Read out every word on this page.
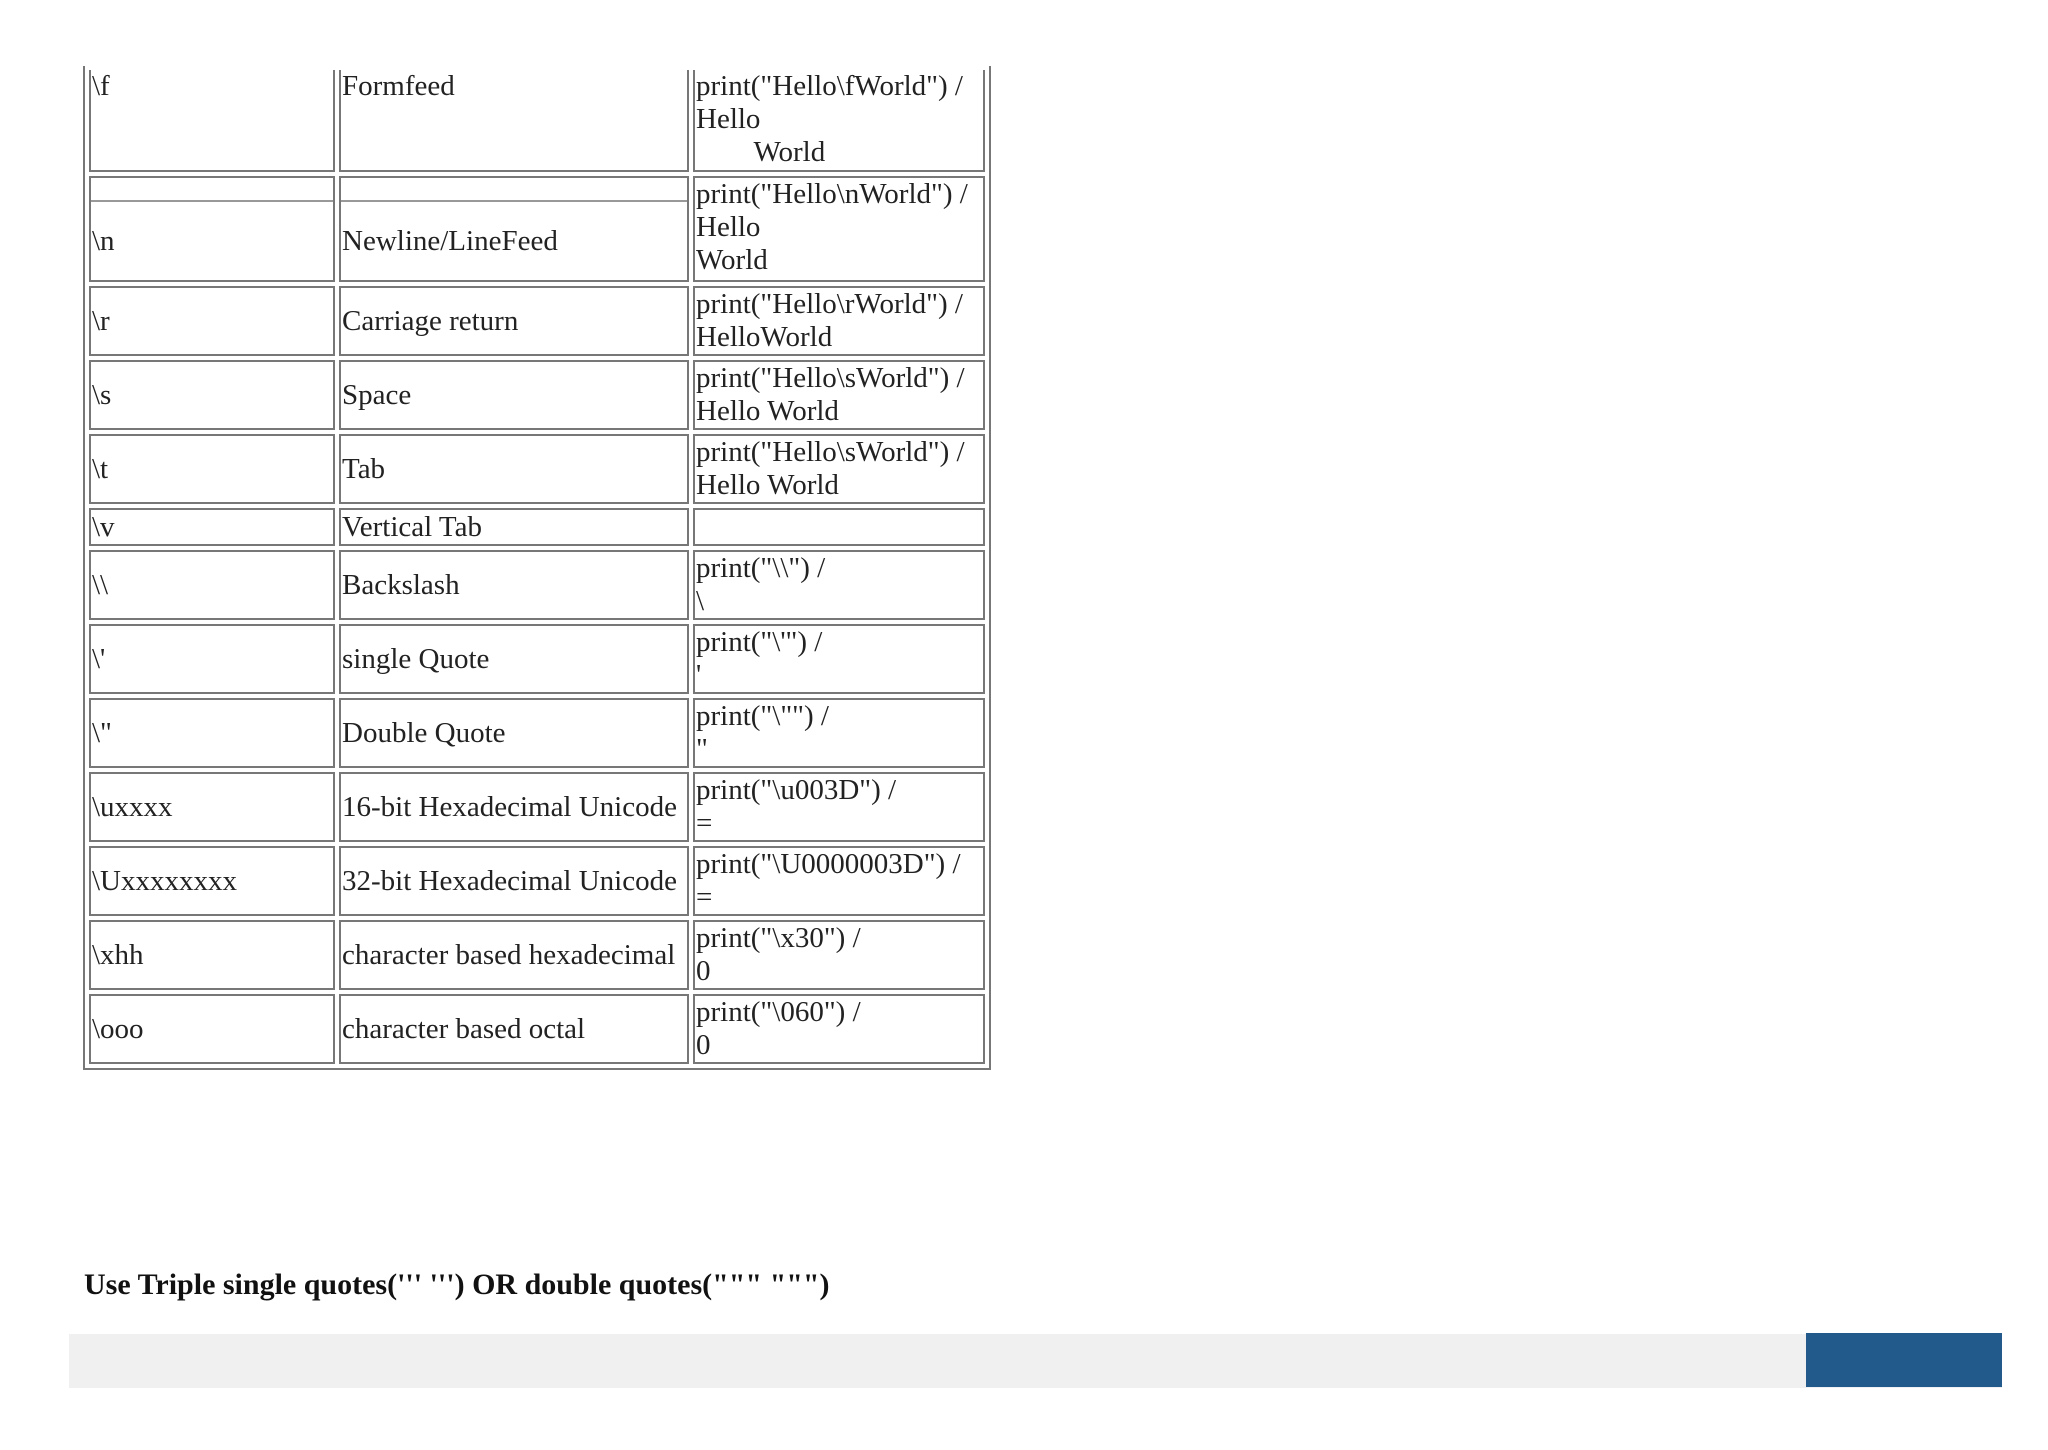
\f	Formfeed	print("Hello\fWorld") /
Hello
World

\n	Newline/LineFeed	print("Hello\nWorld") /
Hello
World
\r	Carriage return	print("Hello\rWorld") /
HelloWorld
\s	Space	print("Hello\sWorld") /
Hello World
\t	Tab	print("Hello\sWorld") /
Hello World
\v	Vertical Tab	
\\	Backslash	print("\\") /
\
\'	single Quote	print("\'") /
'
\"	Double Quote	print("\"") /
"
\uxxxx	16-bit Hexadecimal Unicode	print("\u003D") /
=
\Uxxxxxxxx	32-bit Hexadecimal Unicode	print("\U0000003D") /
=
\xhh	character based hexadecimal	print("\x30") /
0
\ooo	character based octal	print("\060") /
0
Use Triple single quotes(''' ''') OR double quotes(""" """)
